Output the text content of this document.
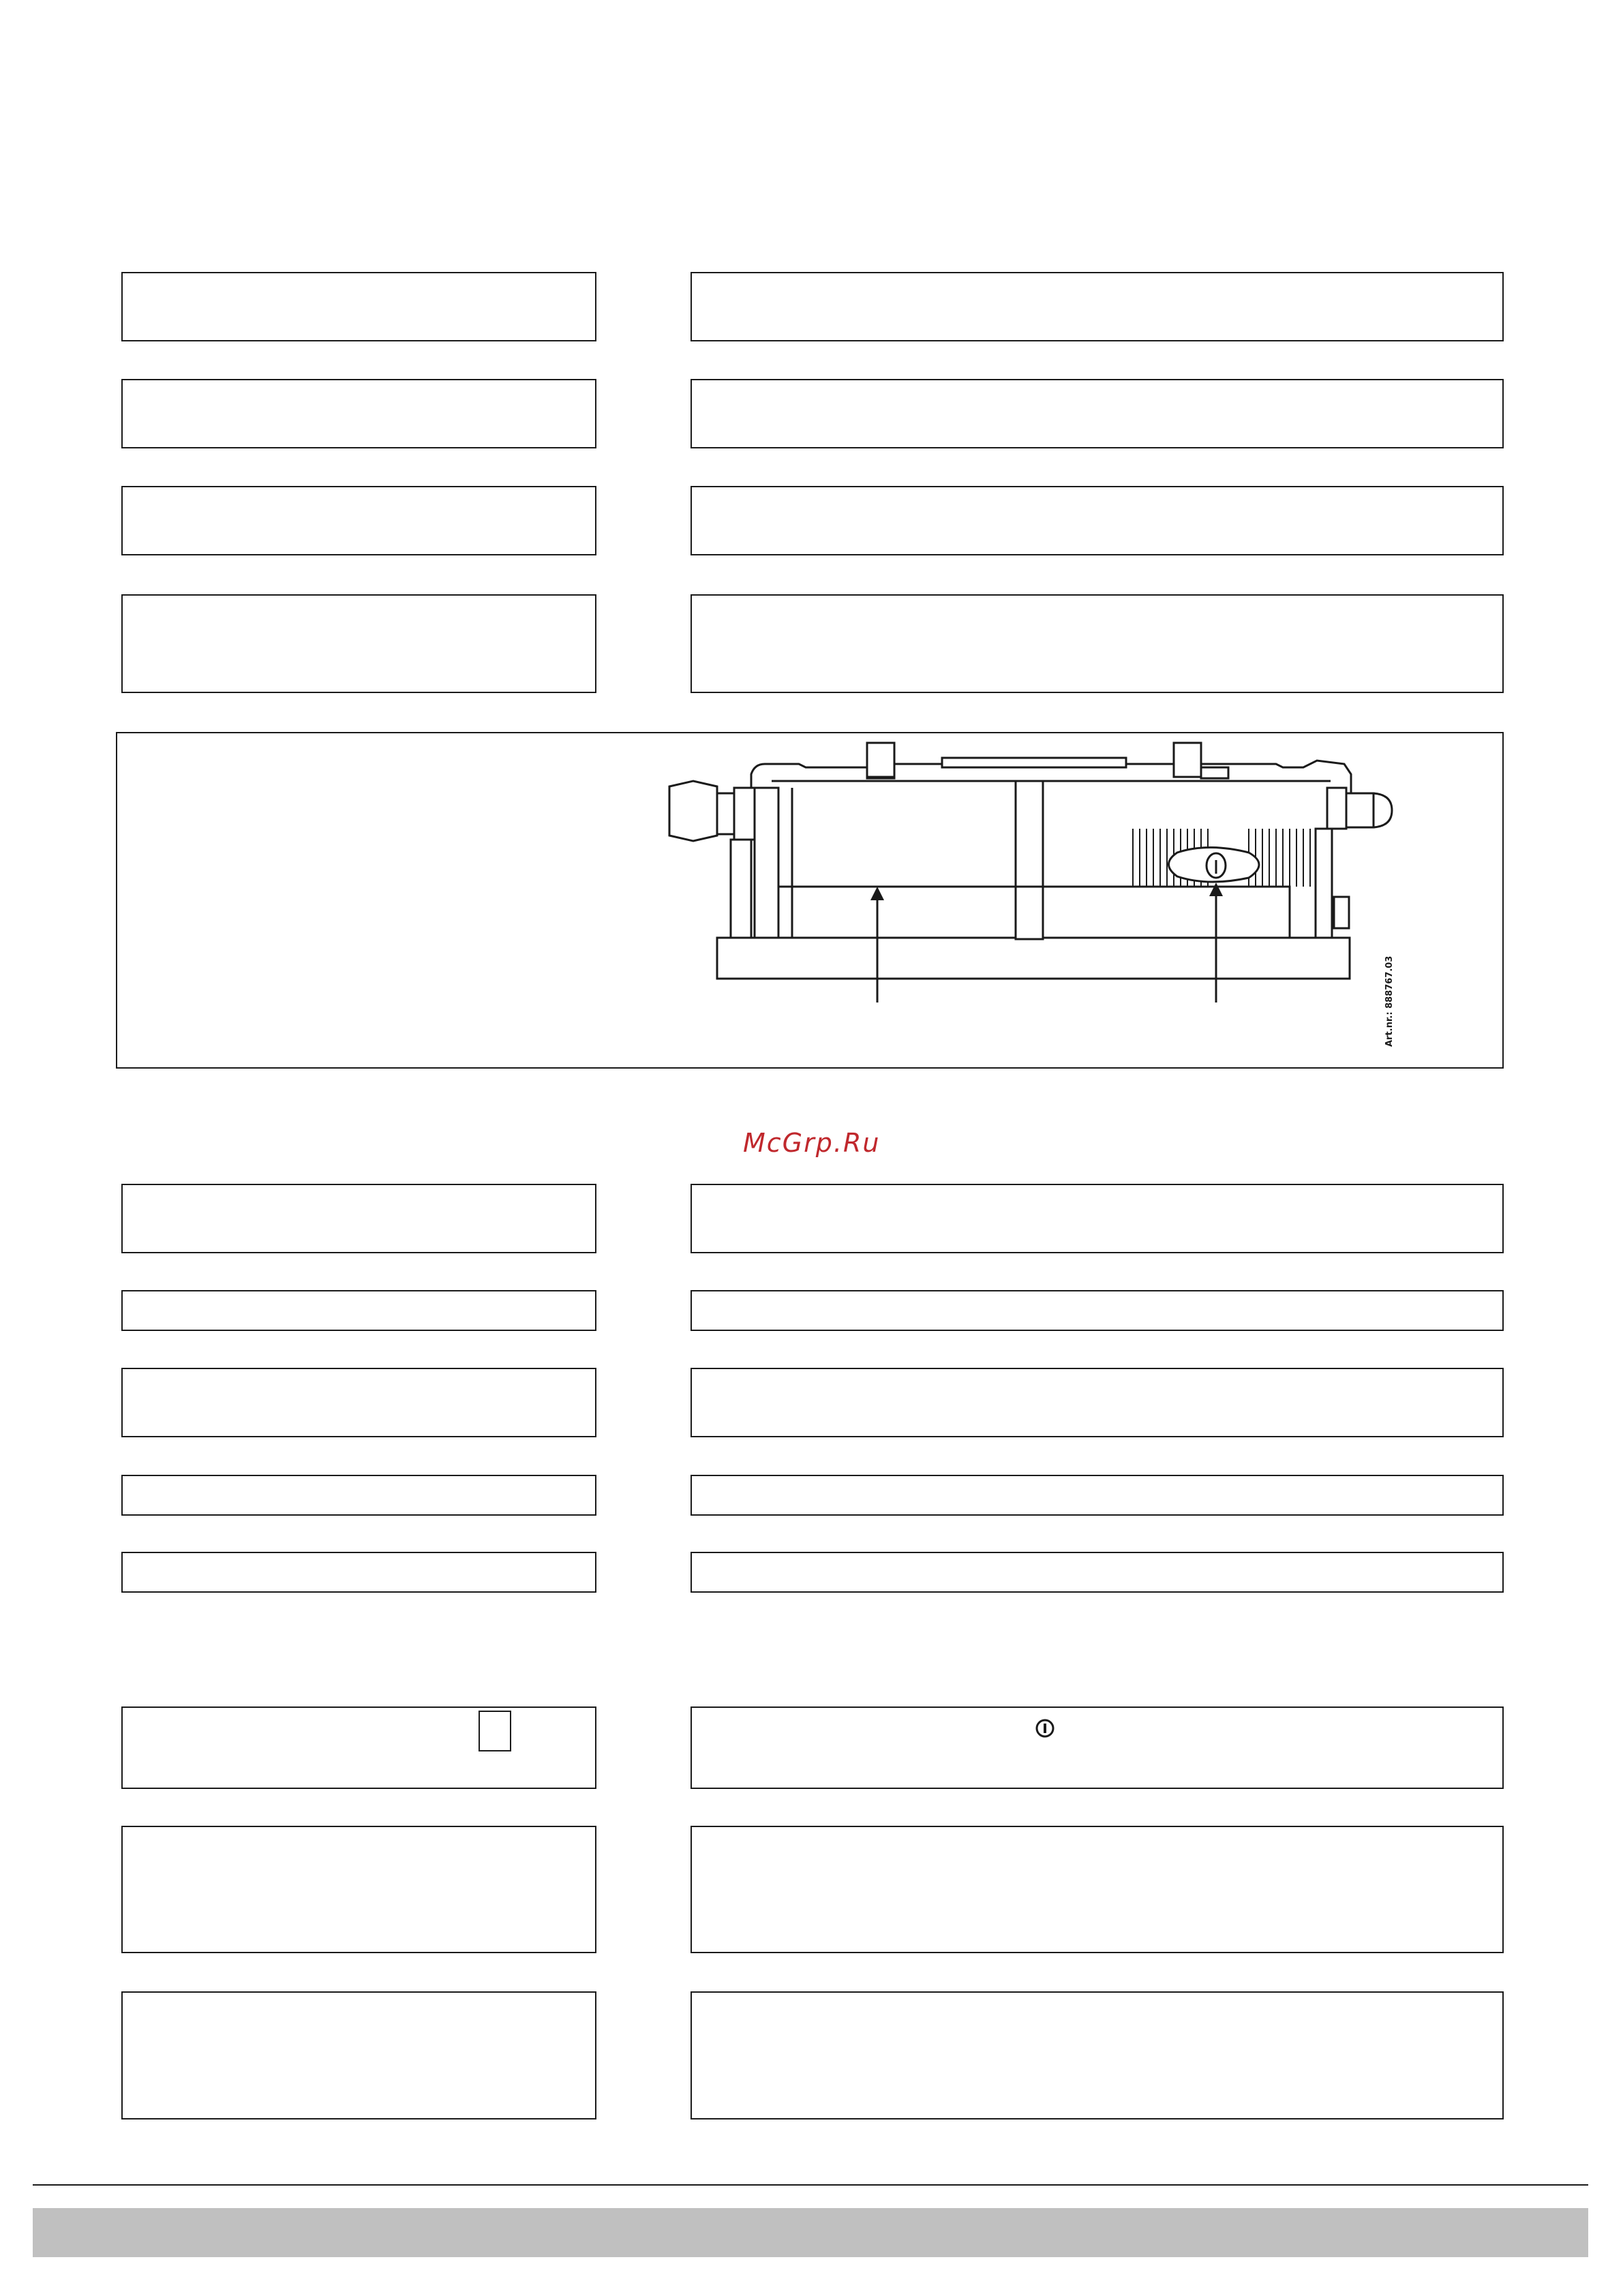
Art.nr.: 888767.03
McGrp.Ru
